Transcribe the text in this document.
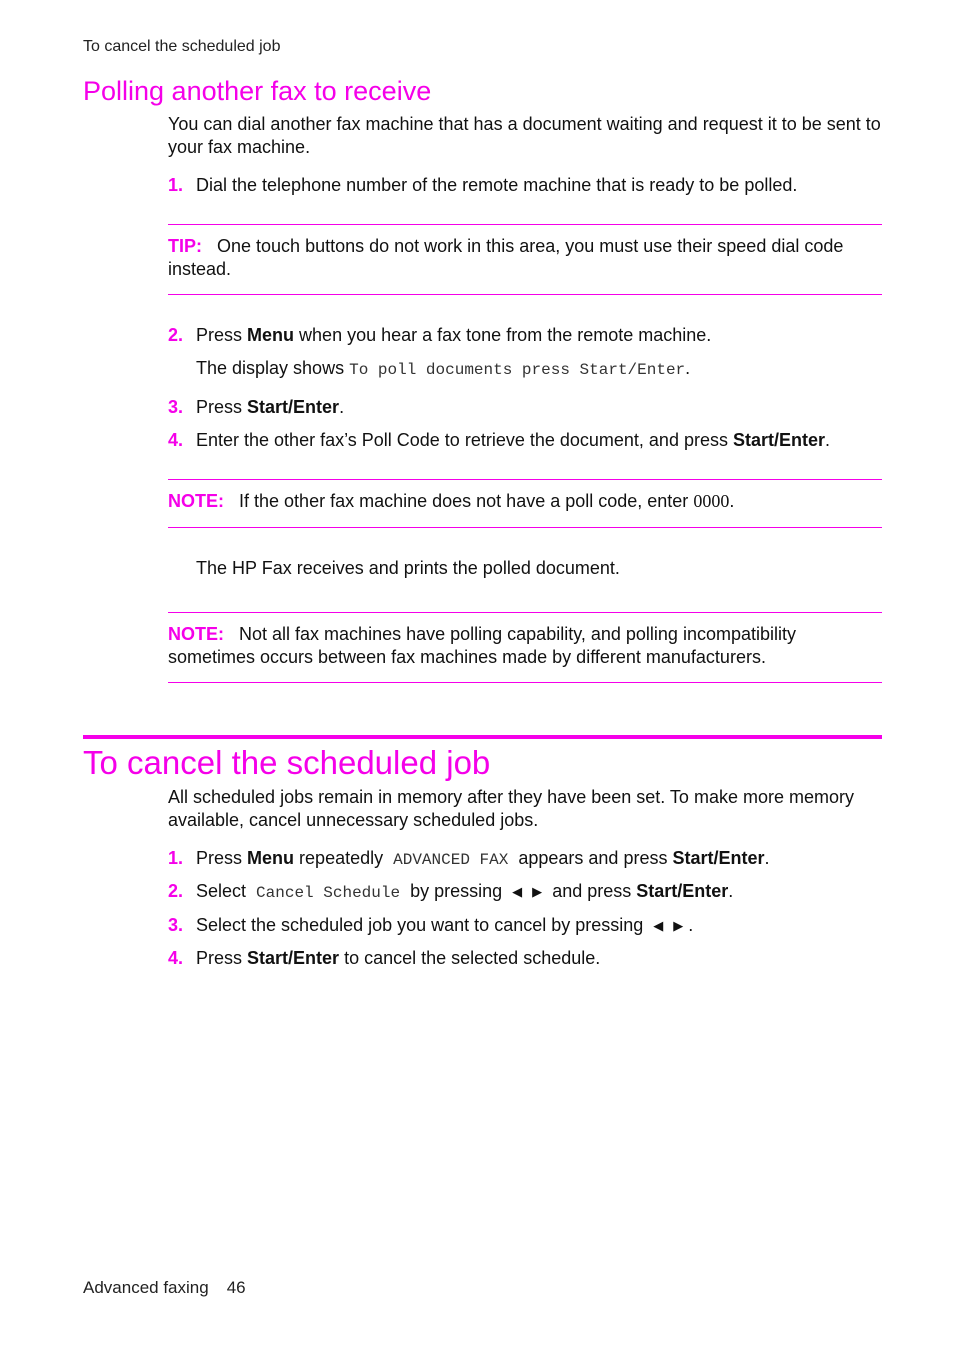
To cancel the scheduled job
Polling another fax to receive
You can dial another fax machine that has a document waiting and request it to be sent to your fax machine.
1. Dial the telephone number of the remote machine that is ready to be polled.
TIP: One touch buttons do not work in this area, you must use their speed dial code instead.
2. Press Menu when you hear a fax tone from the remote machine.
The display shows To poll documents press Start/Enter.
3. Press Start/Enter.
4. Enter the other fax’s Poll Code to retrieve the document, and press Start/Enter.
NOTE: If the other fax machine does not have a poll code, enter 0000.
The HP Fax receives and prints the polled document.
NOTE: Not all fax machines have polling capability, and polling incompatibility sometimes occurs between fax machines made by different manufacturers.
To cancel the scheduled job
All scheduled jobs remain in memory after they have been set. To make more memory available, cancel unnecessary scheduled jobs.
1. Press Menu repeatedly ADVANCED FAX appears and press Start/Enter.
2. Select Cancel Schedule by pressing ◀ ▶ and press Start/Enter.
3. Select the scheduled job you want to cancel by pressing ◀ ▶ .
4. Press Start/Enter to cancel the selected schedule.
Advanced faxing 46
